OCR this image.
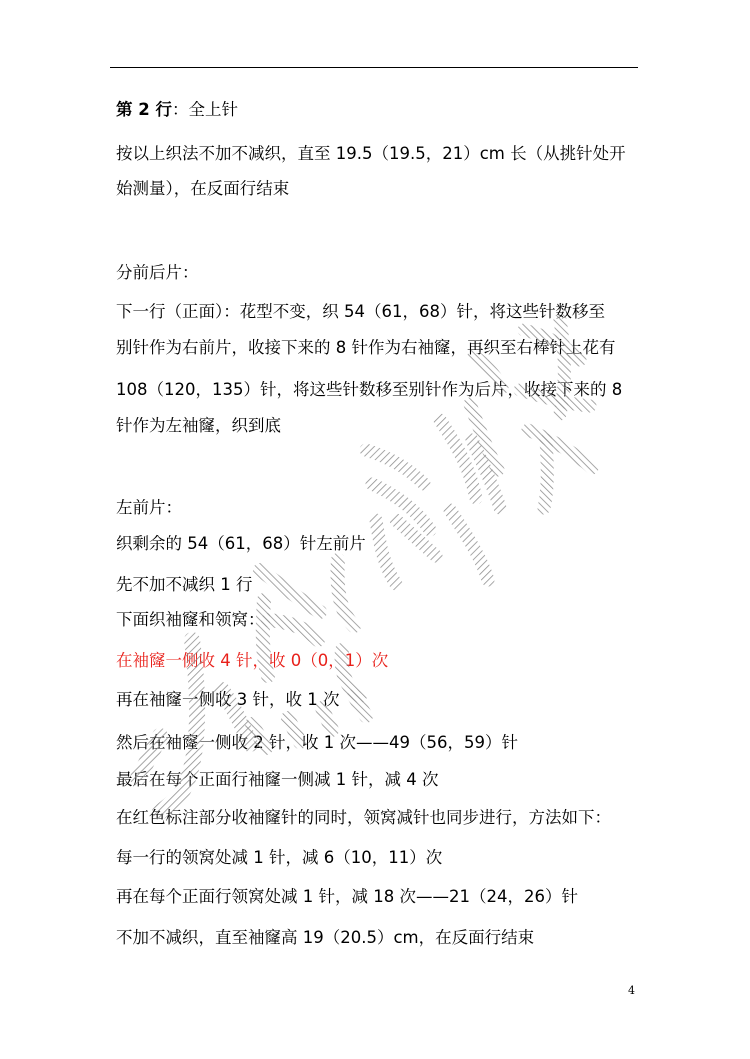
第 2 行：全上针
按以上织法不加不减织，直至 19.5（19.5，21）cm 长（从挑针处开
始测量），在反面行结束
分前后片：
下一行（正面）：花型不变，织 54（61，68）针，将这些针数移至
别针作为右前片，收接下来的 8 针作为右袖窿，再织至右棒针上花有
108（120，135）针，将这些针数移至别针作为后片，收接下来的 8
针作为左袖窿，织到底
左前片：
织剩余的 54（61，68）针左前片
先不加不减织 1 行
下面织袖窿和领窝：
在袖窿一侧收 4 针，收 0（0，1）次
再在袖窿一侧收 3 针，收 1 次
然后在袖窿一侧收 2 针，收 1 次——49（56，59）针
最后在每个正面行袖窿一侧减 1 针，减 4 次
在红色标注部分收袖窿针的同时，领窝减针也同步进行，方法如下：
每一行的领窝处减 1 针，减 6（10，11）次
再在每个正面行领窝处减 1 针，减 18 次——21（24，26）针
不加不减织，直至袖窿高 19（20.5）cm，在反面行结束
4
